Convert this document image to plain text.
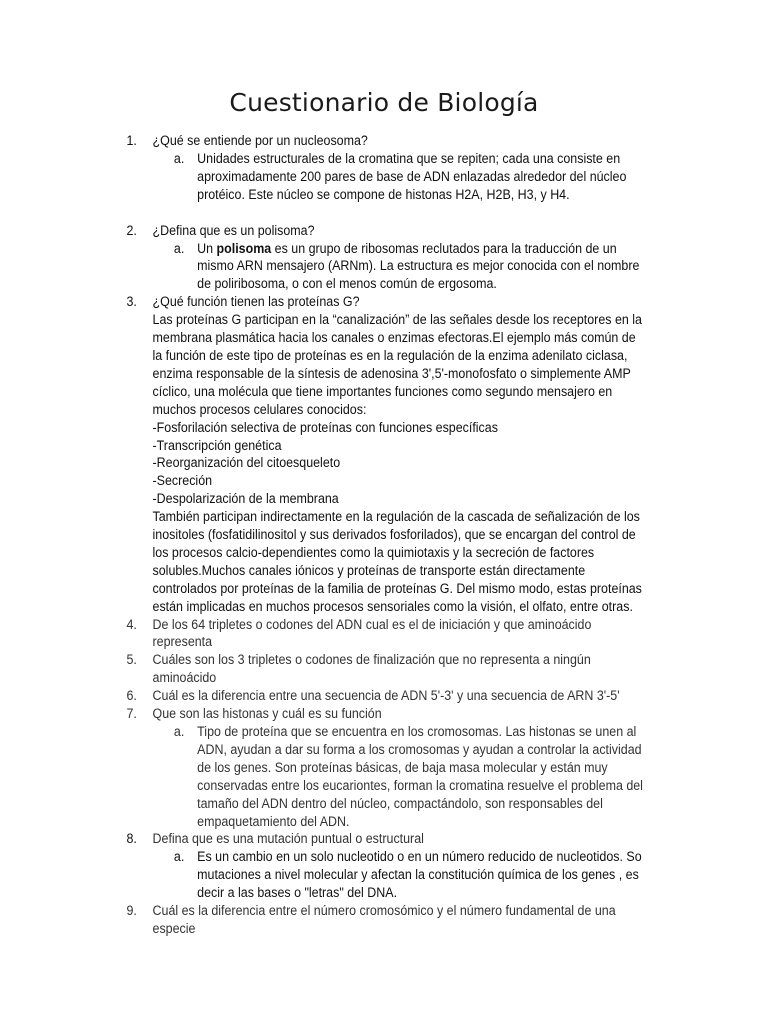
Cuestionario de Biología
1. ¿Qué se entiende por un nucleosoma?
a. Unidades estructurales de la cromatina que se repiten; cada una consiste en aproximadamente 200 pares de base de ADN enlazadas alrededor del núcleo protéico. Este núcleo se compone de histonas H2A, H2B, H3, y H4.
2. ¿Defina que es un polisoma?
a. Un polisoma es un grupo de ribosomas reclutados para la traducción de un mismo ARN mensajero (ARNm). La estructura es mejor conocida con el nombre de poliribosoma, o con el menos común de ergosoma.
3. ¿Qué función tienen las proteínas G?
Las proteínas G participan en la “canalización” de las señales desde los receptores en la membrana plasmática hacia los canales o enzimas efectoras.El ejemplo más común de la función de este tipo de proteínas es en la regulación de la enzima adenilato ciclasa, enzima responsable de la síntesis de adenosina 3',5'-monofosfato o simplemente AMP cíclico, una molécula que tiene importantes funciones como segundo mensajero en muchos procesos celulares conocidos:
-Fosforilación selectiva de proteínas con funciones específicas
-Transcripción genética
-Reorganización del citoesqueleto
-Secreción
-Despolarización de la membrana
También participan indirectamente en la regulación de la cascada de señalización de los inositoles (fosfatidilinositol y sus derivados fosforilados), que se encargan del control de los procesos calcio-dependientes como la quimiotaxis y la secreción de factores solubles.Muchos canales iónicos y proteínas de transporte están directamente controlados por proteínas de la familia de proteínas G. Del mismo modo, estas proteínas están implicadas en muchos procesos sensoriales como la visión, el olfato, entre otras.
4. De los 64 tripletes o codones del ADN cual es el de iniciación y que aminoácido representa
5. Cuáles son los 3 tripletes o codones de finalización que no representa a ningún aminoácido
6. Cuál es la diferencia entre una secuencia de ADN 5'-3' y una secuencia de ARN 3'-5'
7. Que son las histonas y cuál es su función
a. Tipo de proteína que se encuentra en los cromosomas. Las histonas se unen al ADN, ayudan a dar su forma a los cromosomas y ayudan a controlar la actividad de los genes. Son proteínas básicas, de baja masa molecular y están muy conservadas entre los eucariontes, forman la cromatina resuelve el problema del tamaño del ADN dentro del núcleo, compactándolo, son responsables del empaquetamiento del ADN.
8. Defina que es una mutación puntual o estructural
a. Es un cambio en un solo nucleotido o en un número reducido de nucleotidos. So mutaciones a nivel molecular y afectan la constitución química de los genes , es decir a las bases o "letras" del DNA.
9. Cuál es la diferencia entre el número cromosómico y el número fundamental de una especie
